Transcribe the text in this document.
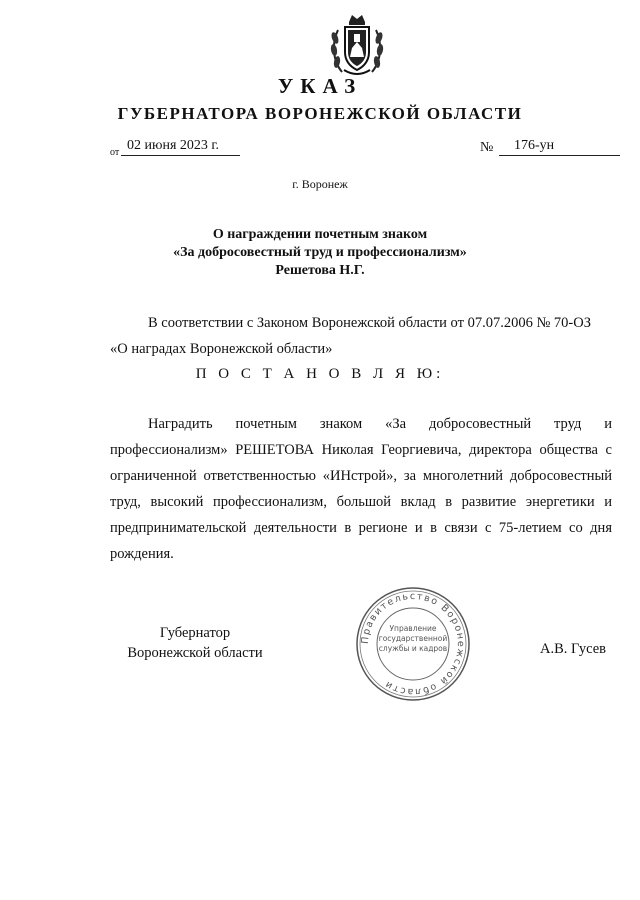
УКАЗ
ГУБЕРНАТОРА ВОРОНЕЖСКОЙ ОБЛАСТИ
от 02 июня 2023 г.	№	176-ун
г. Воронеж
О награждении почетным знаком
«За добросовестный труд и профессионализм»
Решетова Н.Г.
В соответствии с Законом Воронежской области от 07.07.2006 № 70-ОЗ
«О наградах Воронежской области»
П О С Т А Н О В Л Я Ю:
Наградить почетным знаком «За добросовестный труд и профессионализм» РЕШЕТОВА Николая Георгиевича, директора общества с ограниченной ответственностью «ИНстрой», за многолетний добросовестный труд, высокий профессионализм, большой вклад в развитие энергетики и предпринимательской деятельности в регионе и в связи с 75-летием со дня рождения.
Губернатор
Воронежской области
Правительство Воронежской области
Управление
государственной
службы и кадров	А.В. Гусев
